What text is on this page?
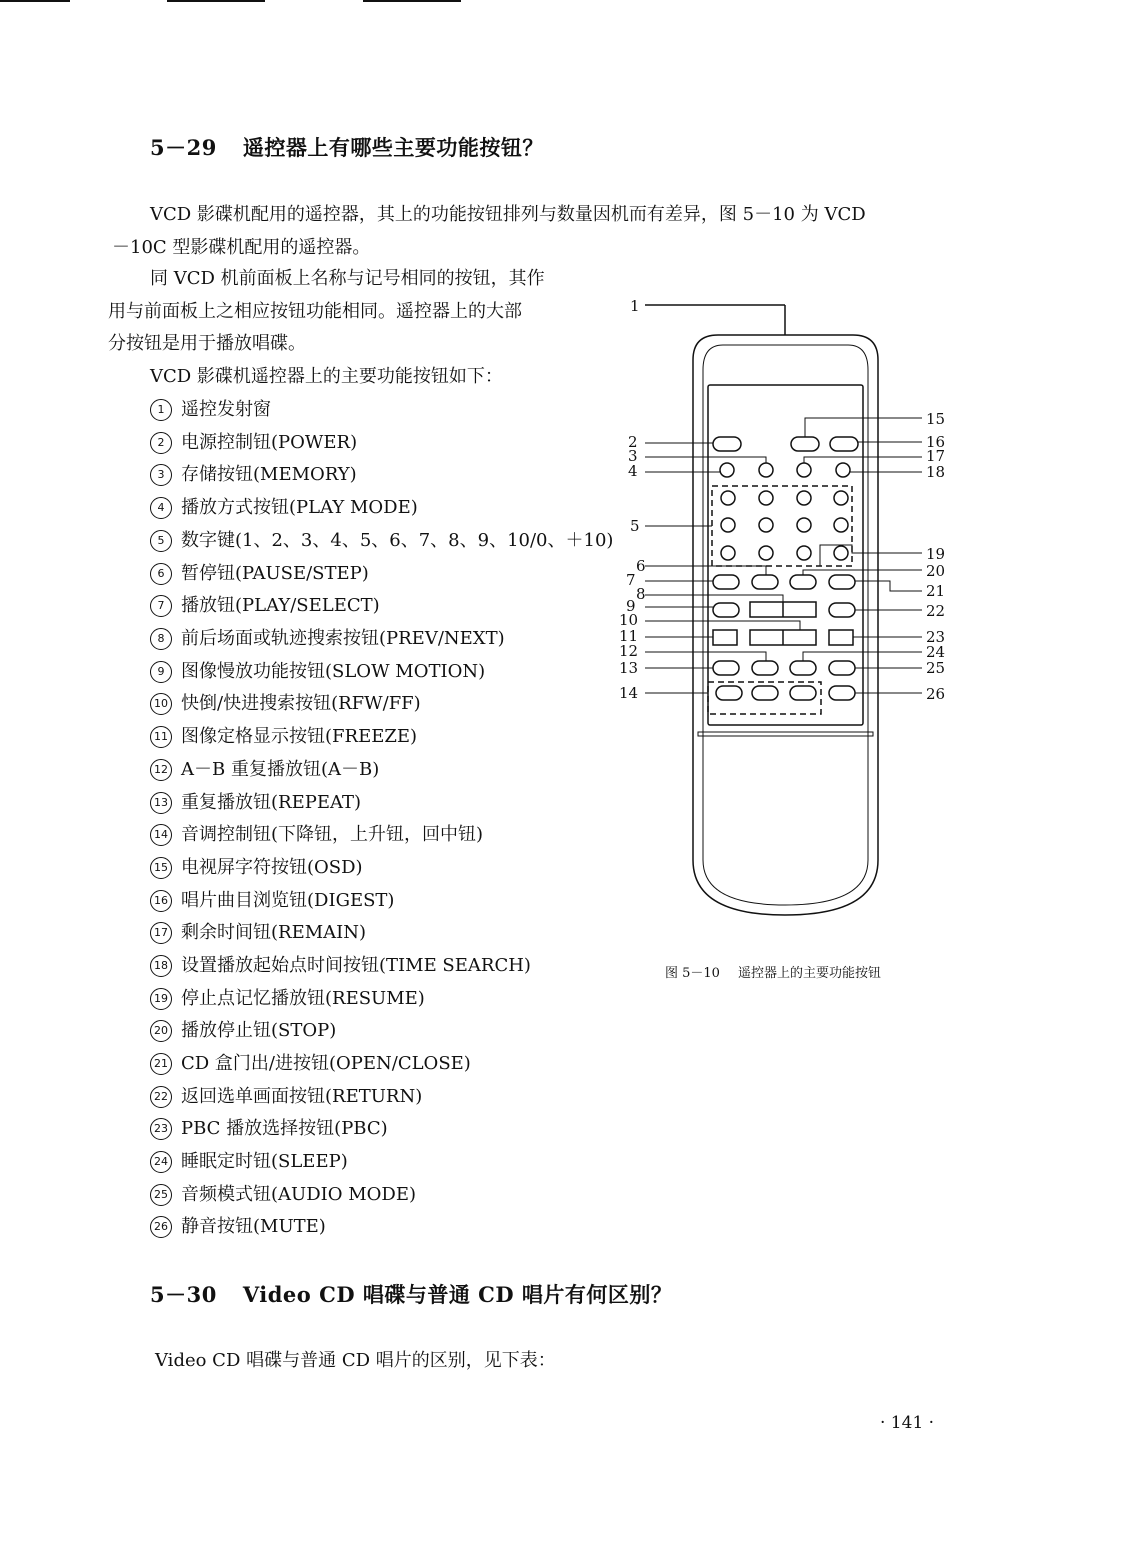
5－29 遥控器上有哪些主要功能按钮？
VCD 影碟机配用的遥控器，其上的功能按钮排列与数量因机而有差异，图 5－10 为 VCD
－10C 型影碟机配用的遥控器。
同 VCD 机前面板上名称与记号相同的按钮，其作
用与前面板上之相应按钮功能相同。遥控器上的大部
分按钮是用于播放唱碟。
VCD 影碟机遥控器上的主要功能按钮如下：
1 遥控发射窗
2 电源控制钮(POWER)
3 存储按钮(MEMORY)
4 播放方式按钮(PLAY MODE)
5 数字键(1、2、3、4、5、6、7、8、9、10/0、＋10)
6 暂停钮(PAUSE/STEP)
7 播放钮(PLAY/SELECT)
8 前后场面或轨迹搜索按钮(PREV/NEXT)
9 图像慢放功能按钮(SLOW MOTION)
10 快倒/快进搜索按钮(RFW/FF)
11 图像定格显示按钮(FREEZE)
12 A－B 重复播放钮(A－B)
13 重复播放钮(REPEAT)
14 音调控制钮(下降钮，上升钮，回中钮)
15 电视屏字符按钮(OSD)
16 唱片曲目浏览钮(DIGEST)
17 剩余时间钮(REMAIN)
18 设置播放起始点时间按钮(TIME SEARCH)
19 停止点记忆播放钮(RESUME)
20 播放停止钮(STOP)
21 CD 盒门出/进按钮(OPEN/CLOSE)
22 返回选单画面按钮(RETURN)
23 PBC 播放选择按钮(PBC)
24 睡眠定时钮(SLEEP)
25 音频模式钮(AUDIO MODE)
26 静音按钮(MUTE)
1
2
3
4
5
6
7
8
9
10
11
12
13
14
15
16
17
18
19
20
21
22
23
24
25
26
图 5－10 遥控器上的主要功能按钮
5－30 Video CD 唱碟与普通 CD 唱片有何区别？
Video CD 唱碟与普通 CD 唱片的区别，见下表：
· 141 ·
